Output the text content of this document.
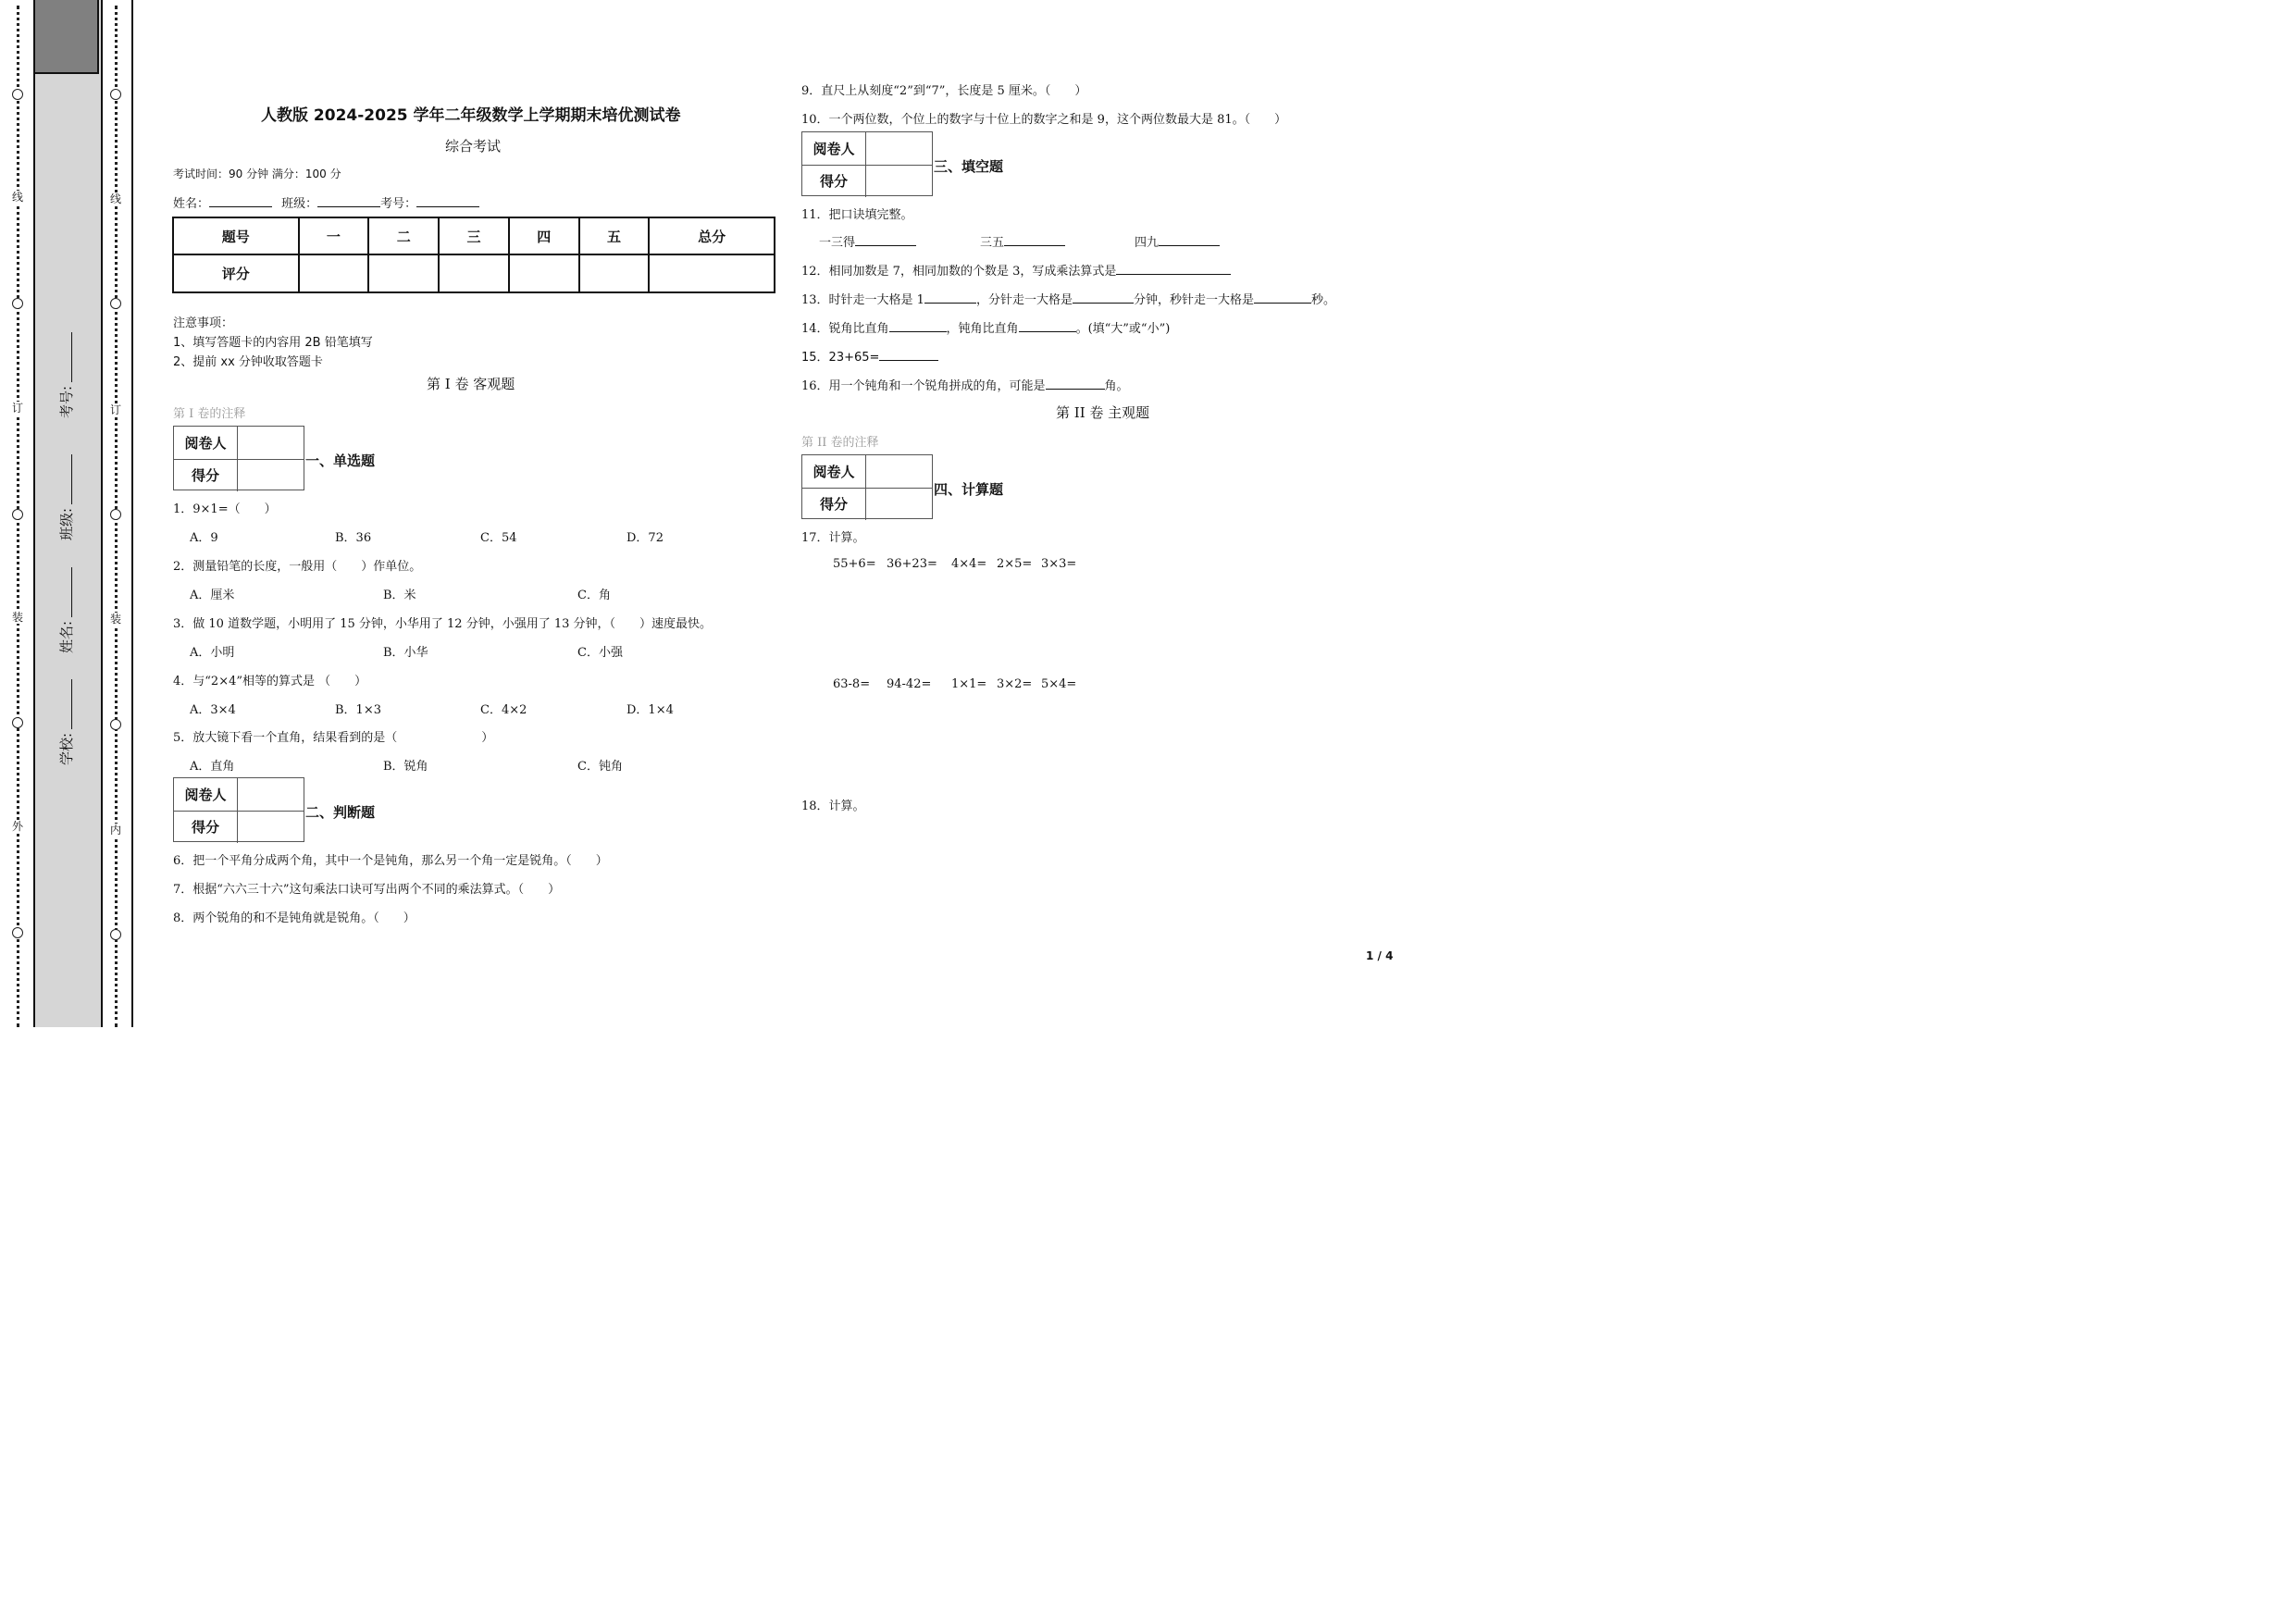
线
订
装
外
线
订
装
内
学校:
姓名:
班级:
考号:
人教版 2024-2025 学年二年级数学上学期期末培优测试卷
综合考试
考试时间：90 分钟 满分：100 分
姓名：	班级：	考号：
题号	一	二	三	四	五	总分
评分						
注意事项：
1、填写答题卡的内容用 2B 铅笔填写
2、提前 xx 分钟收取答题卡
第 I 卷 客观题
第 I 卷的注释
阅卷人
得分
一、单选题
1．9×1=（　　）
A．9	B．36	C．54	D．72
2．测量铅笔的长度，一般用（　　）作单位。
A．厘米	B．米	C．角
3．做 10 道数学题，小明用了 15 分钟，小华用了 12 分钟，小强用了 13 分钟，（　　）速度最快。
A．小明	B．小华	C．小强
4．与“2×4”相等的算式是 （　　）
A．3×4	B．1×3	C．4×2	D．1×4
5．放大镜下看一个直角，结果看到的是（　　　　　　　）
A．直角	B．锐角	C．钝角
阅卷人
得分
二、判断题
6．把一个平角分成两个角，其中一个是钝角，那么另一个角一定是锐角。（　　）
7．根据“六六三十六”这句乘法口诀可写出两个不同的乘法算式。（　　）
8．两个锐角的和不是钝角就是锐角。（　　）
9．直尺上从刻度“2”到“7”，长度是 5 厘米。（　　）
10．一个两位数，个位上的数字与十位上的数字之和是 9，这个两位数最大是 81。（　　）
阅卷人
得分
三、填空题
11．把口诀填完整。
一三得	三五	四九
12．相同加数是 7，相同加数的个数是 3，写成乘法算式是
13．时针走一大格是 1	，分针走一大格是	分钟，秒针走一大格是	秒。
14．锐角比直角	，钝角比直角	。(填“大”或“小”)
15．23+65=
16．用一个钝角和一个锐角拼成的角，可能是	角。
第 II 卷 主观题
第 II 卷的注释
阅卷人
得分
四、计算题
17．计算。
55+6= 36+23= 4×4= 2×5= 3×3=
63-8= 94-42= 1×1= 3×2= 5×4=
18．计算。
1 / 4
